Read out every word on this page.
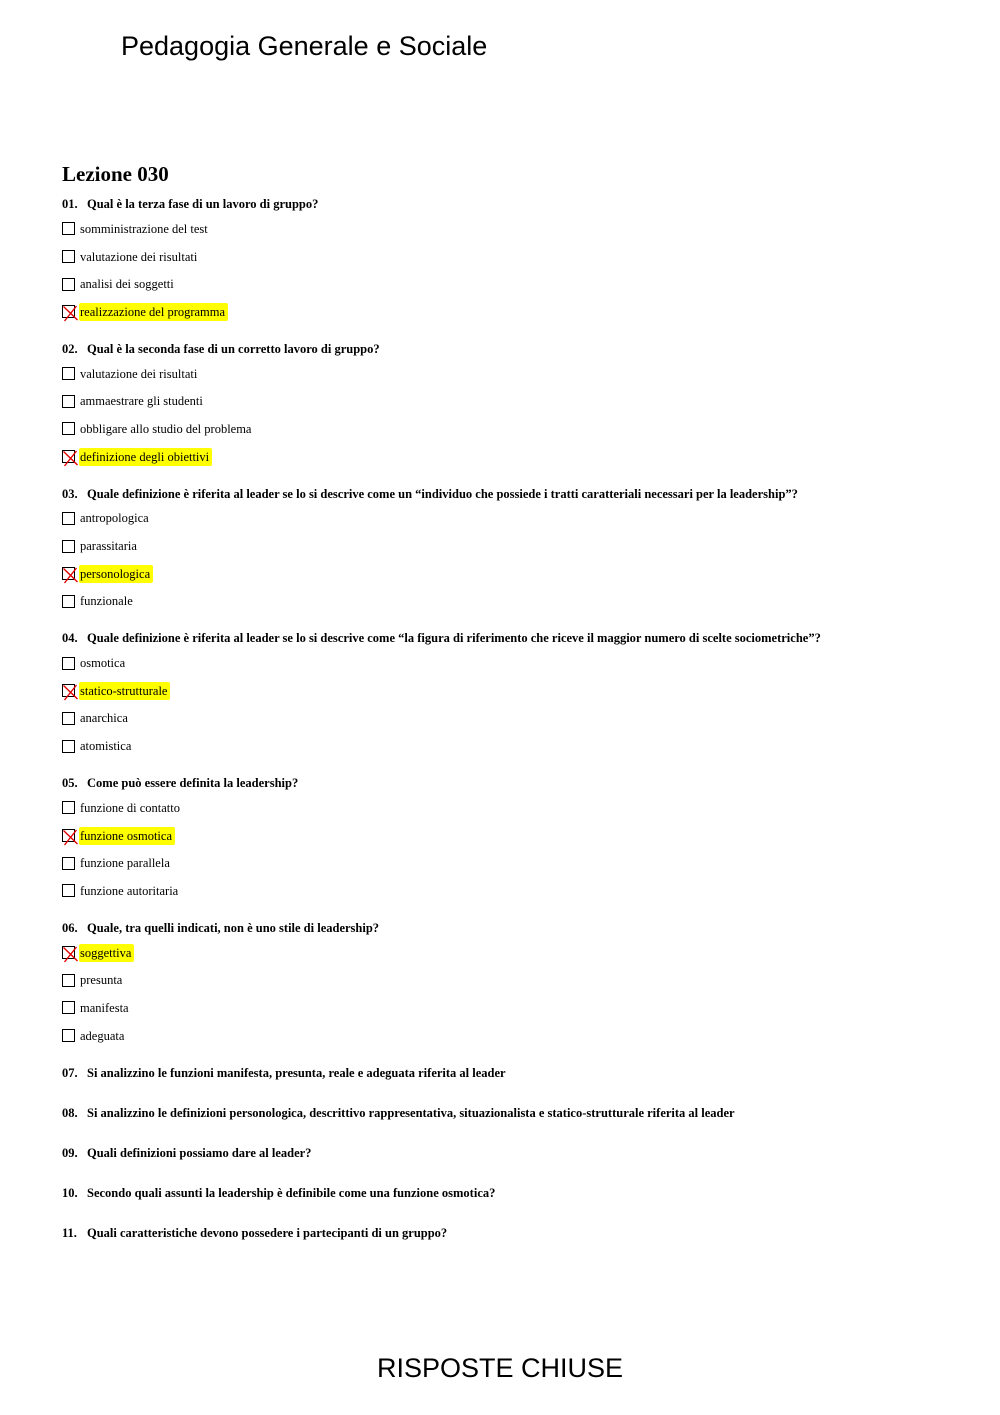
Pedagogia Generale e Sociale
Lezione 030
01. Qual è la terza fase di un lavoro di gruppo?
somministrazione del test
valutazione dei risultati
analisi dei soggetti
realizzazione del programma
02. Qual è la seconda fase di un corretto lavoro di gruppo?
valutazione dei risultati
ammaestrare gli studenti
obbligare allo studio del problema
definizione degli obiettivi
03. Quale definizione è riferita al leader se lo si descrive come un “individuo che possiede i tratti caratteriali necessari per la leadership”?
antropologica
parassitaria
personologica
funzionale
04. Quale definizione è riferita al leader se lo si descrive come “la figura di riferimento che riceve il maggior numero di scelte sociometriche”?
osmotica
statico-strutturale
anarchica
atomistica
05. Come può essere definita la leadership?
funzione di contatto
funzione osmotica
funzione parallela
funzione autoritaria
06. Quale, tra quelli indicati, non è uno stile di leadership?
soggettiva
presunta
manifesta
adeguata
07. Si analizzino le funzioni manifesta, presunta, reale e adeguata riferita al leader
08. Si analizzino le definizioni personologica, descrittivo rappresentativa, situazionalista e statico-strutturale riferita al leader
09. Quali definizioni possiamo dare al leader?
10. Secondo quali assunti la leadership è definibile come una funzione osmotica?
11. Quali caratteristiche devono possedere i partecipanti di un gruppo?
RISPOSTE CHIUSE
